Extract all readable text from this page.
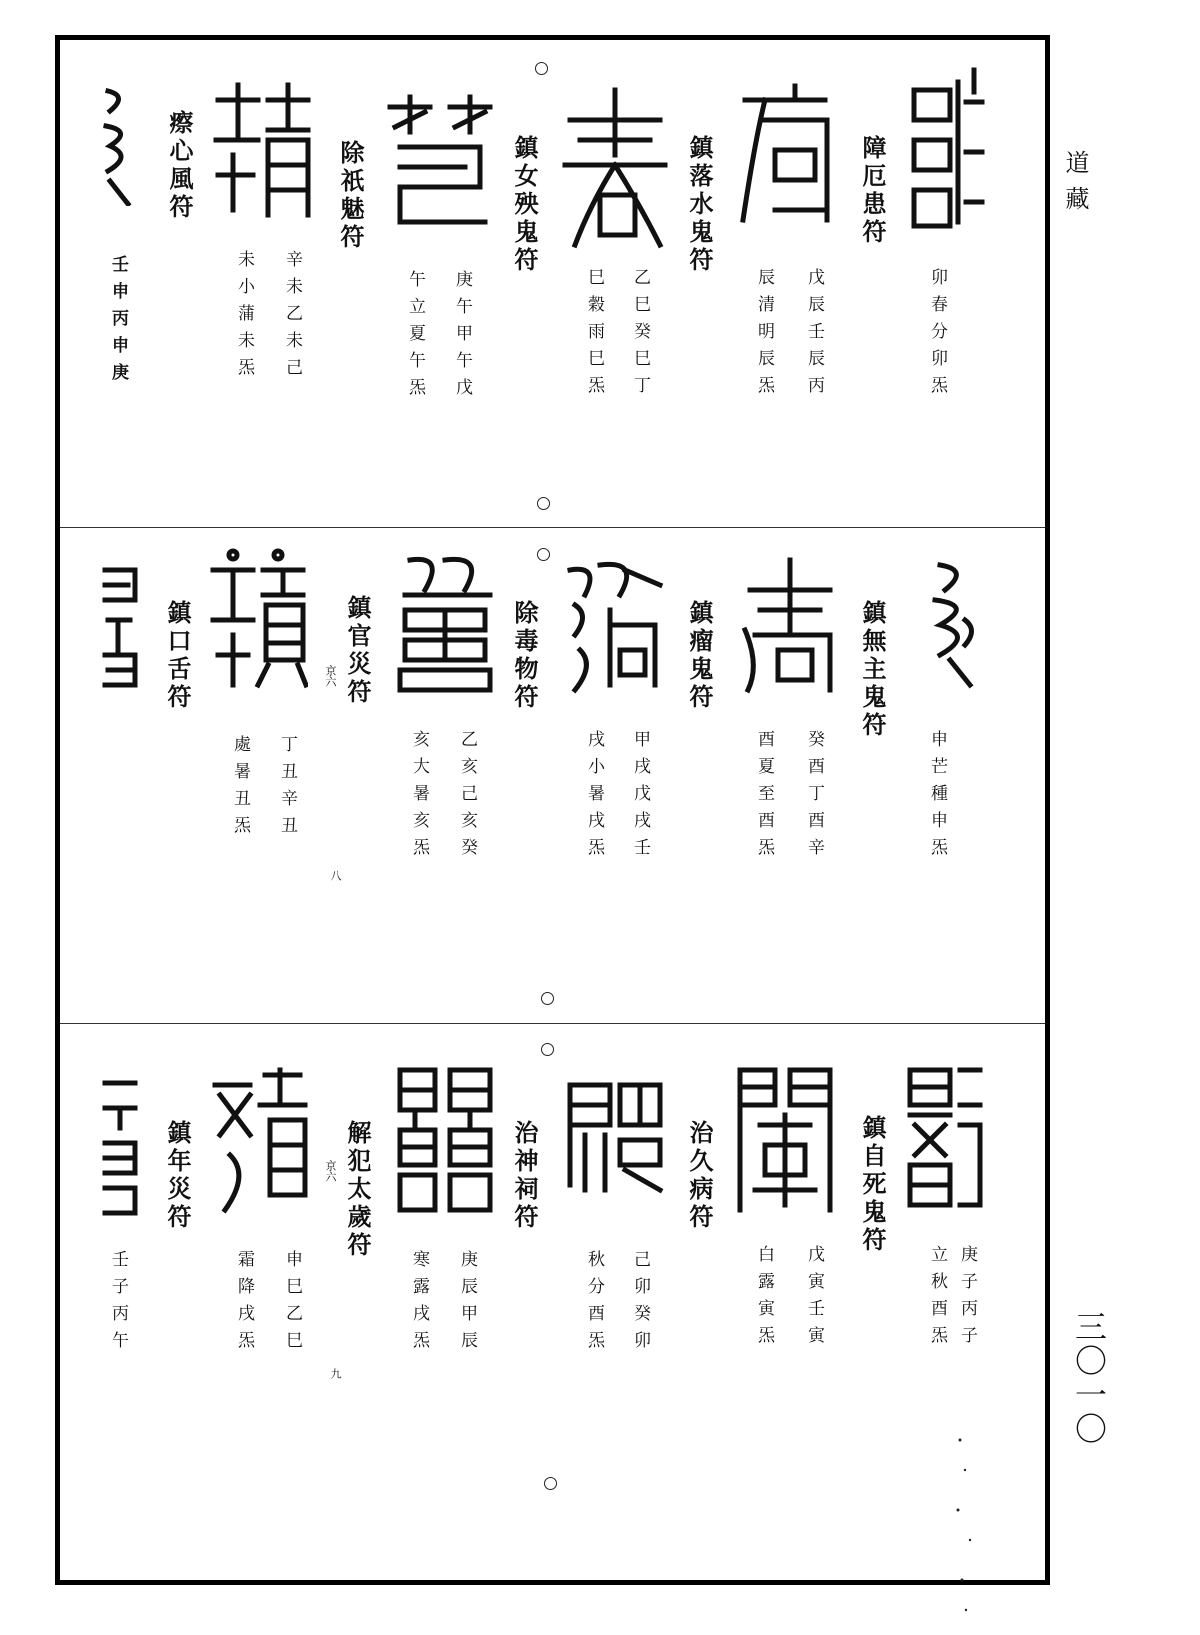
道藏
三〇一〇
障厄患符
卯春分卯炁
鎮落水鬼符
戊辰壬辰丙
辰清明辰炁
鎮女殃鬼符
乙巳癸巳丁
巳穀雨巳炁
除祇魅符
庚午甲午戊
午立夏午炁
瘵心風符
辛未乙未己
未小蒲未炁
壬申丙申庚
鎮無主鬼符
申芒種申炁
鎮瘤鬼符
癸酉丁酉辛
酉夏至酉炁
除毒物符
甲戌戊戌壬
戌小暑戌炁
鎮官災符
京六
乙亥己亥癸
亥大暑亥炁
鎮口舌符
丁丑辛丑
處暑丑炁
八
鎮自死鬼符
庚子丙子
立秋酉炁
治久病符
戊寅壬寅
白露寅炁
治神祠符
己卯癸卯
秋分酉炁
解犯太歲符
京六
庚辰甲辰
寒露戌炁
申巳乙巳
霜降戌炁
鎮年災符
壬子丙午
九
